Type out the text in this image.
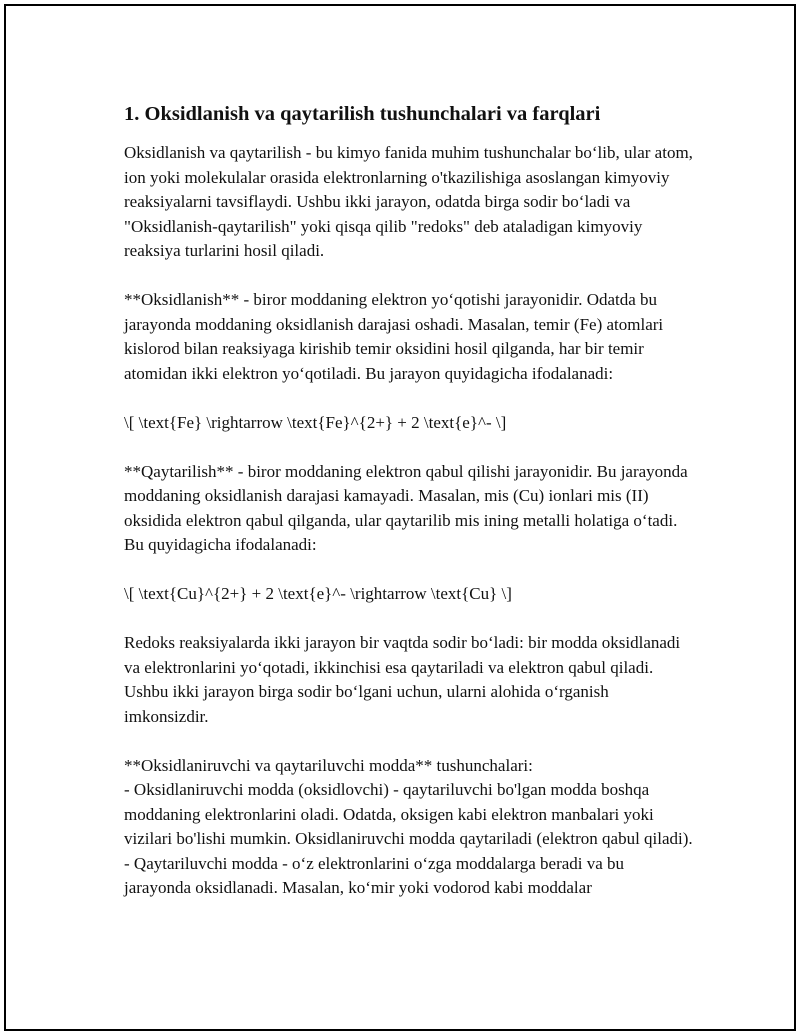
1. Oksidlanish va qaytarilish tushunchalari va farqlari

Oksidlanish va qaytarilish - bu kimyo fanida muhim tushunchalar bo‘lib, ular atom, ion yoki molekulalar orasida elektronlarning o'tkazilishiga asoslangan kimyoviy reaksiyalarni tavsiflaydi. Ushbu ikki jarayon, odatda birga sodir bo‘ladi va "Oksidlanish-qaytarilish" yoki qisqa qilib "redoks" deb ataladigan kimyoviy reaksiya turlarini hosil qiladi.

**Oksidlanish** - biror moddaning elektron yo‘qotishi jarayonidir. Odatda bu jarayonda moddaning oksidlanish darajasi oshadi. Masalan, temir (Fe) atomlari kislorod bilan reaksiyaga kirishib temir oksidini hosil qilganda, har bir temir atomidan ikki elektron yo‘qotiladi. Bu jarayon quyidagicha ifodalanadi:

\[ \text{Fe} \rightarrow \text{Fe}^{2+} + 2 \text{e}^- \]

**Qaytarilish** - biror moddaning elektron qabul qilishi jarayonidir. Bu jarayonda moddaning oksidlanish darajasi kamayadi. Masalan, mis (Cu) ionlari mis (II) oksidida elektron qabul qilganda, ular qaytarilib mis ining metalli holatiga o‘tadi. Bu quyidagicha ifodalanadi:

\[ \text{Cu}^{2+} + 2 \text{e}^- \rightarrow \text{Cu} \]

Redoks reaksiyalarda ikki jarayon bir vaqtda sodir bo‘ladi: bir modda oksidlanadi va elektronlarini yo‘qotadi, ikkinchisi esa qaytariladi va elektron qabul qiladi. Ushbu ikki jarayon birga sodir bo‘lgani uchun, ularni alohida o‘rganish imkonsizdir.

**Oksidlaniruvchi va qaytariluvchi modda** tushunchalari:

- Oksidlaniruvchi modda (oksidlovchi) - qaytariluvchi bo'lgan modda boshqa moddaning elektronlarini oladi. Odatda, oksigen kabi elektron manbalari yoki vizilari bo'lishi mumkin. Oksidlaniruvchi modda qaytariladi (elektron qabul qiladi).

- Qaytariluvchi modda - o‘z elektronlarini o‘zga moddalarga beradi va bu jarayonda oksidlanadi. Masalan, ko‘mir yoki vodorod kabi moddalar
